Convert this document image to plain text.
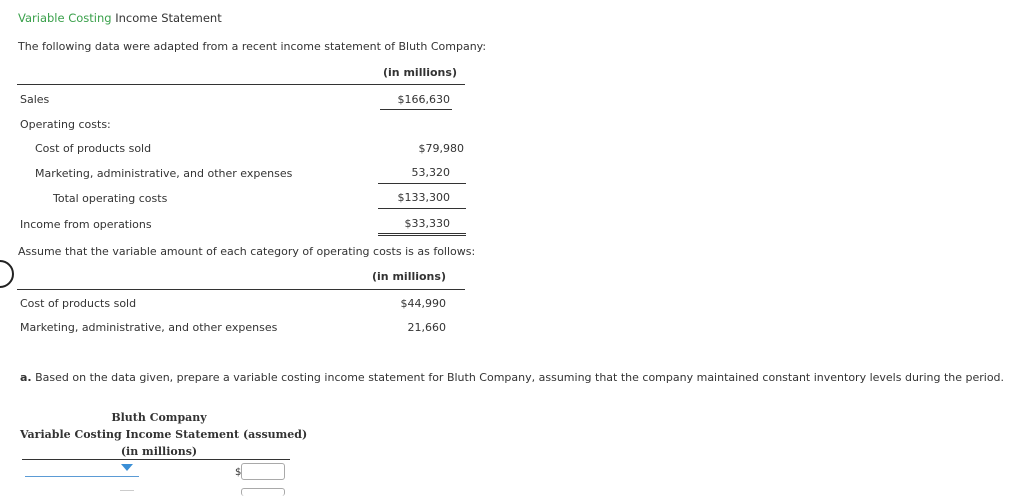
Variable Costing Income Statement
The following data were adapted from a recent income statement of Bluth Company:
(in millions)
Sales	$166,630
Operating costs:
Cost of products sold	$79,980
Marketing, administrative, and other expenses	53,320
Total operating costs	$133,300
Income from operations	$33,330
Assume that the variable amount of each category of operating costs is as follows:
(in millions)
Cost of products sold	$44,990
Marketing, administrative, and other expenses	21,660
a. Based on the data given, prepare a variable costing income statement for Bluth Company, assuming that the company maintained constant inventory levels during the period.
Bluth Company
Variable Costing Income Statement (assumed)
(in millions)
$
